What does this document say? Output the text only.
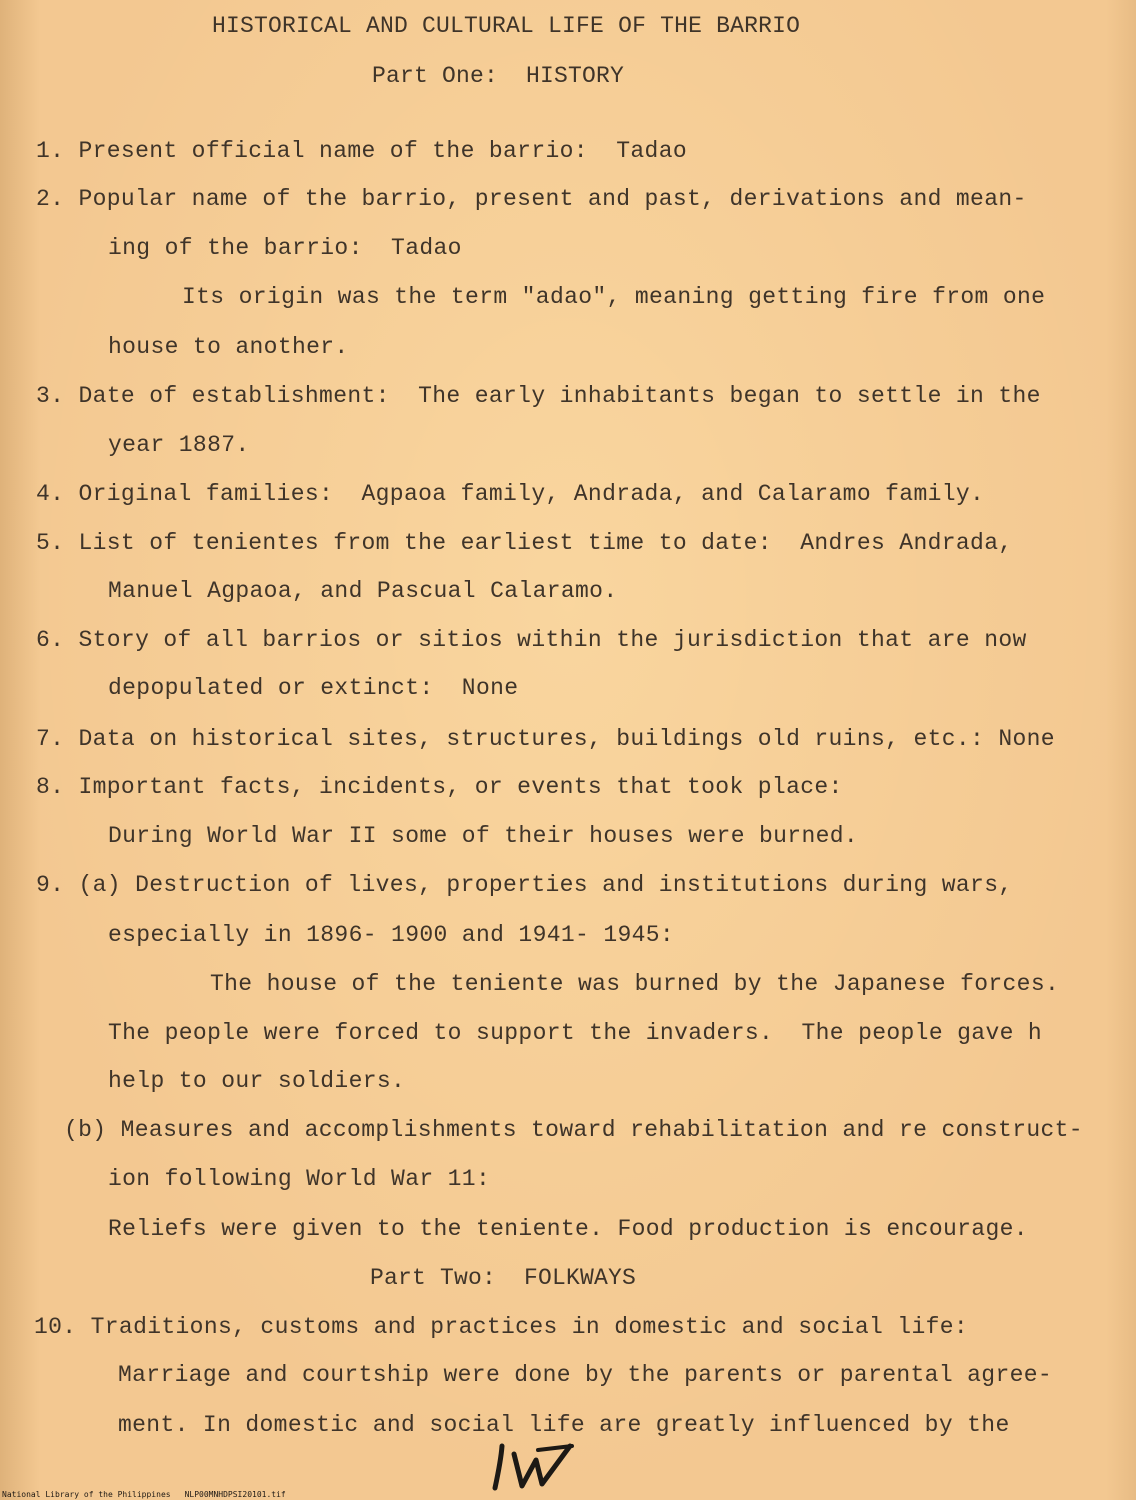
HISTORICAL AND CULTURAL LIFE OF THE BARRIO
Part One:  HISTORY
1. Present official name of the barrio:  Tadao
2. Popular name of the barrio, present and past, derivations and mean-
ing of the barrio:  Tadao
Its origin was the term "adao", meaning getting fire from one
house to another.
3. Date of establishment:  The early inhabitants began to settle in the
year 1887.
4. Original families:  Agpaoa family, Andrada, and Calaramo family.
5. List of tenientes from the earliest time to date:  Andres Andrada,
Manuel Agpaoa, and Pascual Calaramo.
6. Story of all barrios or sitios within the jurisdiction that are now
depopulated or extinct:  None
7. Data on historical sites, structures, buildings old ruins, etc.: None
8. Important facts, incidents, or events that took place:
During World War II some of their houses were burned.
9. (a) Destruction of lives, properties and institutions during wars,
especially in 1896- 1900 and 1941- 1945:
The house of the teniente was burned by the Japanese forces.
The people were forced to support the invaders.  The people gave h
help to our soldiers.
(b) Measures and accomplishments toward rehabilitation and re construct-
ion following World War 11:
Reliefs were given to the teniente. Food production is encourage.
Part Two:  FOLKWAYS
10. Traditions, customs and practices in domestic and social life:
Marriage and courtship were done by the parents or parental agree-
ment. In domestic and social life are greatly influenced by the
National Library of the Philippines NLP00MNHDPSI20101.tif
